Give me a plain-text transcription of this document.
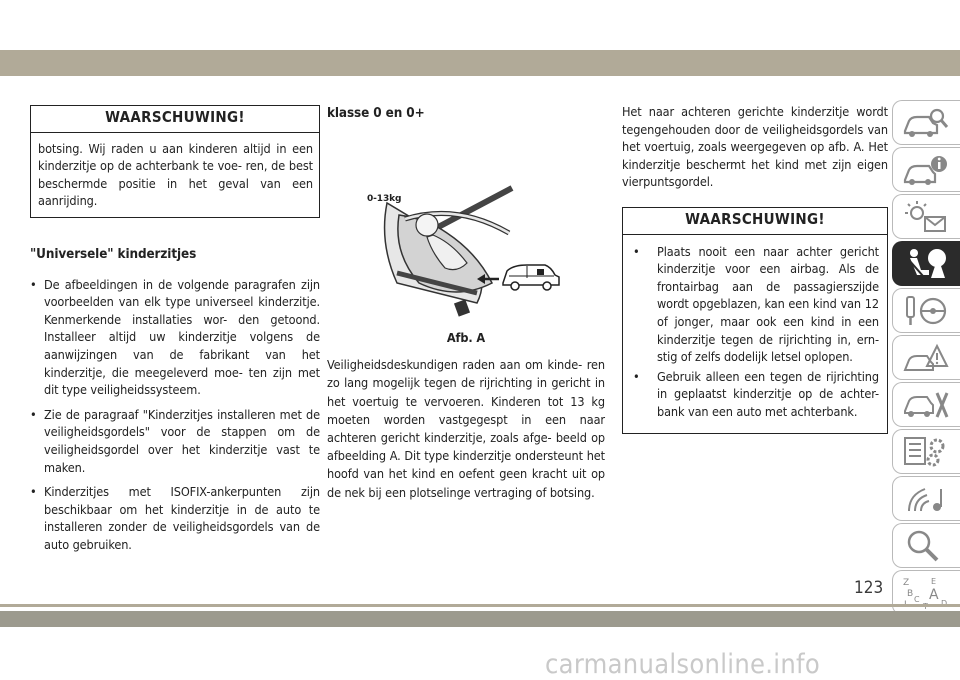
WAARSCHUWING!
botsing. Wij raden u aan kinderen altijd in een kinderzitje op de achterbank te voe- ren, de best beschermde positie in het geval van een aanrijding.
"Universele" kinderzitjes
• De afbeeldingen in de volgende paragrafen zijn voorbeelden van elk type universeel kinderzitje. Kenmerkende installaties wor- den getoond. Installeer altijd uw kinderzitje volgens de aanwijzingen van de fabrikant van het kinderzitje, die meegeleverd moe- ten zijn met dit type veiligheidssysteem.
• Zie de paragraaf "Kinderzitjes installeren met de veiligheidsgordels" voor de stappen om de veiligheidsgordel over het kinderzitje vast te maken.
• Kinderzitjes met ISOFIX-ankerpunten zijn beschikbaar om het kinderzitje in de auto te installeren zonder de veiligheidsgordels van de auto gebruiken.
klasse 0 en 0+
0-13kg
Afb. A
Veiligheidsdeskundigen raden aan om kinde- ren zo lang mogelijk tegen de rijrichting in gericht in het voertuig te vervoeren. Kinderen tot 13 kg moeten worden vastgegespt in een naar achteren gericht kinderzitje, zoals afge- beeld op afbeelding A. Dit type kinderzitje ondersteunt het hoofd van het kind en oefent geen kracht uit op de nek bij een plotselinge vertraging of botsing.
Het naar achteren gerichte kinderzitje wordt tegengehouden door de veiligheidsgordels van het voertuig, zoals weergegeven op afb. A. Het kinderzitje beschermt het kind met zijn eigen vierpuntsgordel.
WAARSCHUWING!
• Plaats nooit een naar achter gericht kinderzitje voor een airbag. Als de frontairbag aan de passagierszijde wordt opgeblazen, kan een kind van 12 of jonger, maar ook een kind in een kinderzitje tegen de rijrichting in, ern- stig of zelfs dodelijk letsel oplopen.
• Gebruik alleen een tegen de rijrichting in geplaatst kinderzitje op de achter- bank van een auto met achterbank.
Z	E
B A
C
123
carmanualsonline.info
